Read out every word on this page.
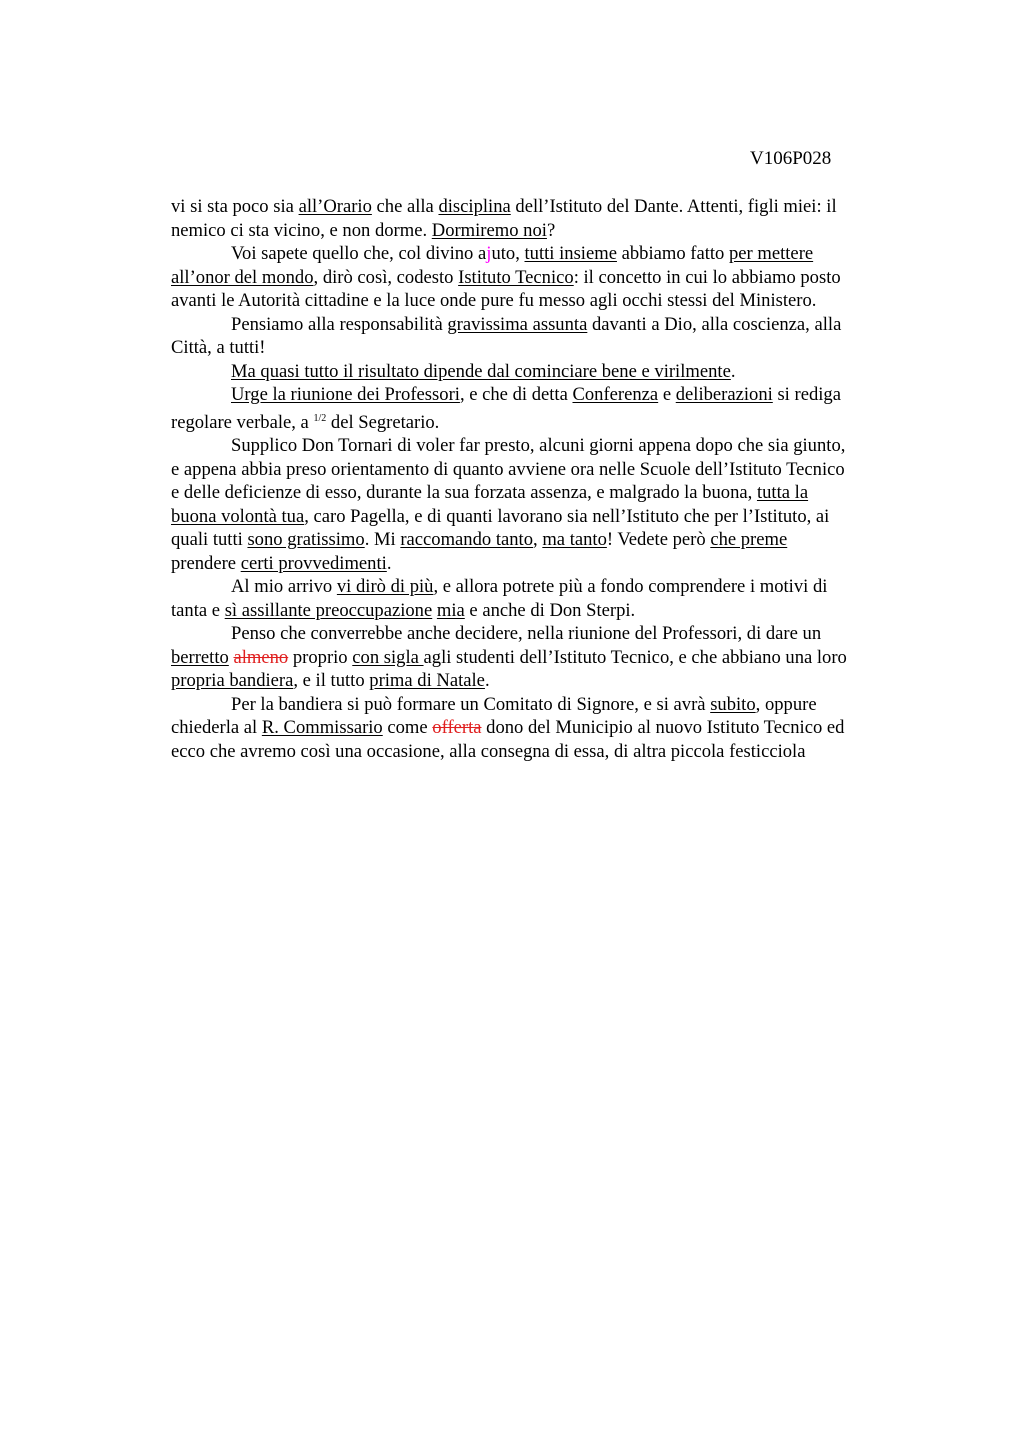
V106P028
vi si sta poco sia all’Orario che alla disciplina dell’Istituto del Dante. Attenti, figli miei: il
nemico ci sta vicino, e non dorme. Dormiremo noi?
Voi sapete quello che, col divino ajuto, tutti insieme abbiamo fatto per mettere
all’onor del mondo, dirò così, codesto Istituto Tecnico: il concetto in cui lo abbiamo posto
avanti le Autorità cittadine e la luce onde pure fu messo agli occhi stessi del Ministero.
Pensiamo alla responsabilità gravissima assunta davanti a Dio, alla coscienza, alla
Città, a tutti!
Ma quasi tutto il risultato dipende dal cominciare bene e virilmente.
Urge la riunione dei Professori, e che di detta Conferenza e deliberazioni si rediga
regolare verbale, a $^{1/2}$ del Segretario.
Supplico Don Tornari di voler far presto, alcuni giorni appena dopo che sia giunto,
e appena abbia preso orientamento di quanto avviene ora nelle Scuole dell’Istituto Tecnico
e delle deficienze di esso, durante la sua forzata assenza, e malgrado la buona, tutta la
buona volontà tua, caro Pagella, e di quanti lavorano sia nell’Istituto che per l’Istituto, ai
quali tutti sono gratissimo. Mi raccomando tanto, ma tanto! Vedete però che preme
prendere certi provvedimenti.
Al mio arrivo vi dirò di più, e allora potrete più a fondo comprendere i motivi di
tanta e sì assillante preoccupazione mia e anche di Don Sterpi.
Penso che converrebbe anche decidere, nella riunione del Professori, di dare un
berretto almeno proprio con sigla agli studenti dell’Istituto Tecnico, e che abbiano una loro
propria bandiera, e il tutto prima di Natale.
Per la bandiera si può formare un Comitato di Signore, e si avrà subito, oppure
chiederla al R. Commissario come offerta dono del Municipio al nuovo Istituto Tecnico ed
ecco che avremo così una occasione, alla consegna di essa, di altra piccola festicciola
